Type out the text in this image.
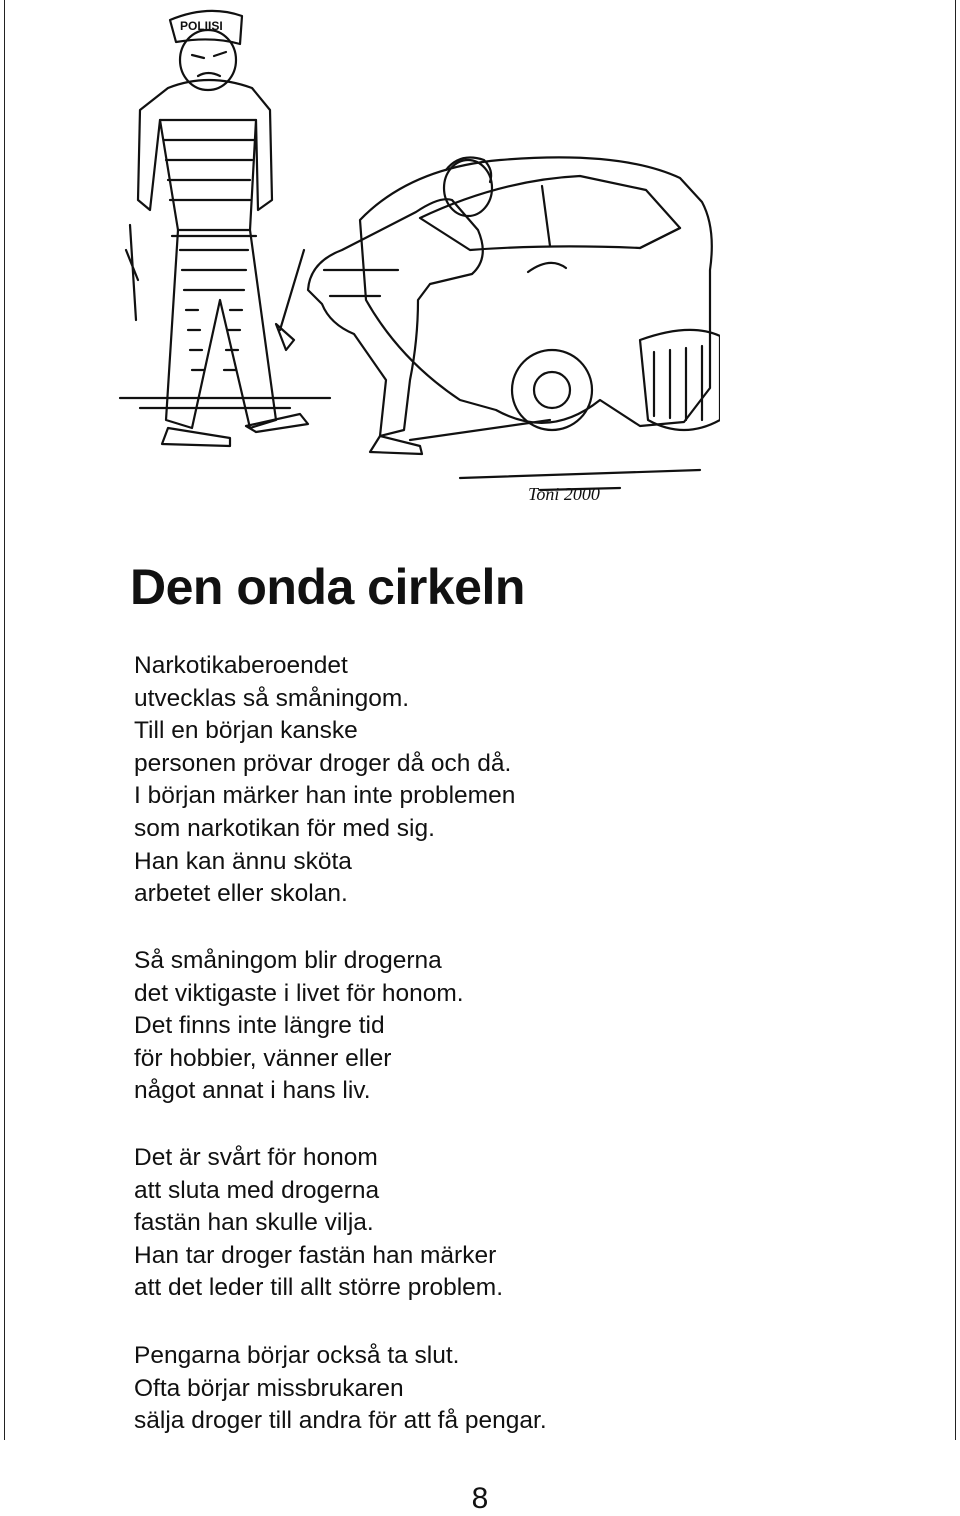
POLIISI
Toni 2000
Den onda cirkeln

Narkotikaberoendet
utvecklas så småningom.
Till en början kanske
personen prövar droger då och då.
I början märker han inte problemen
som narkotikan för med sig.
Han kan ännu sköta
arbetet eller skolan.

Så småningom blir drogerna
det viktigaste i livet för honom.
Det finns inte längre tid
för hobbier, vänner eller
något annat i hans liv.

Det är svårt för honom
att sluta med drogerna
fastän han skulle vilja.
Han tar droger fastän han märker
att det leder till allt större problem.

Pengarna börjar också ta slut.
Ofta börjar missbrukaren
sälja droger till andra för att få pengar.

8
